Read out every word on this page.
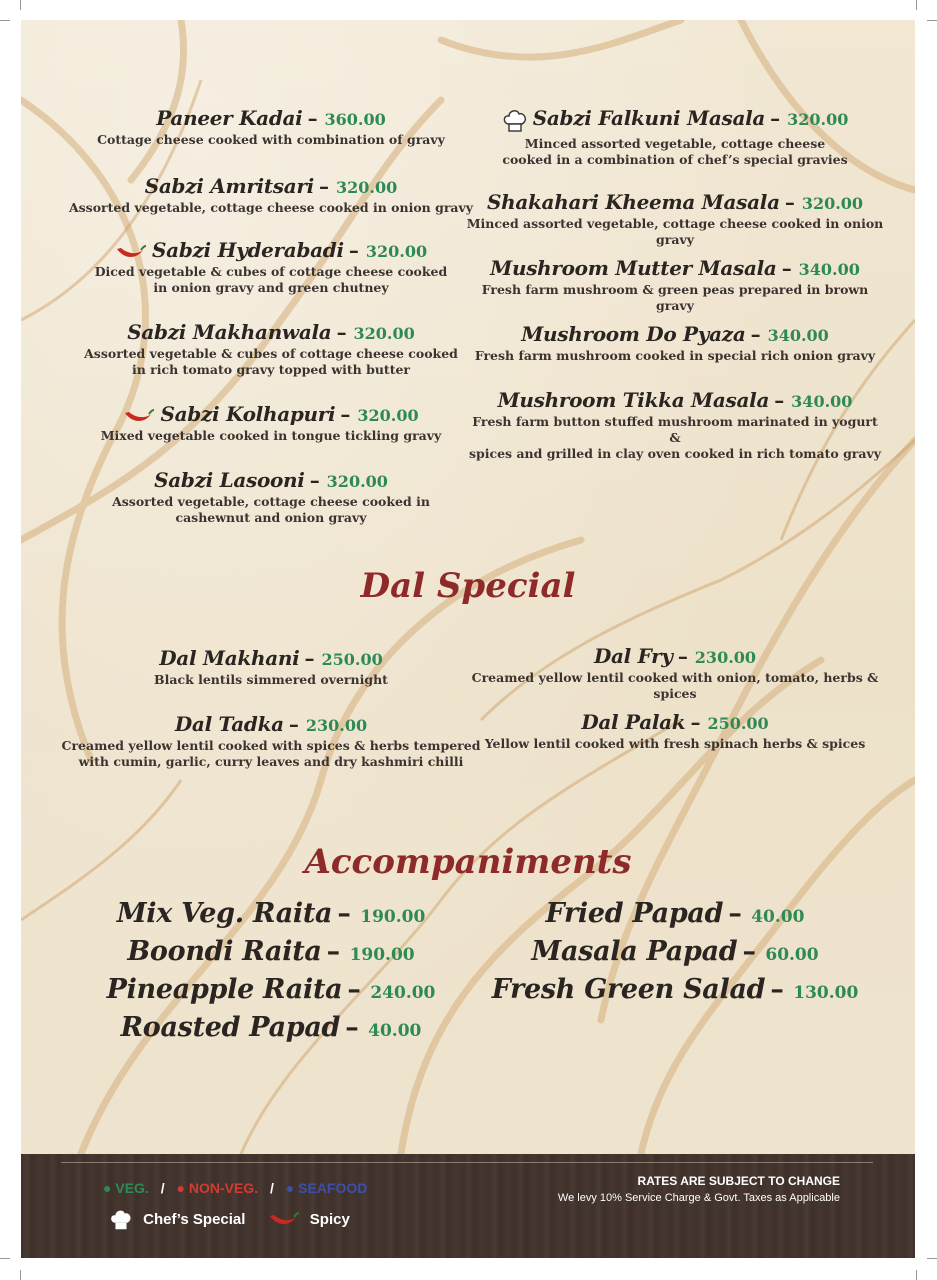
Paneer Kadai – 360.00
Cottage cheese cooked with combination of gravy
Sabzi Amritsari – 320.00
Assorted vegetable, cottage cheese cooked in onion gravy
Sabzi Hyderabadi – 320.00
Diced vegetable & cubes of cottage cheese cooked
in onion gravy and green chutney
Sabzi Makhanwala – 320.00
Assorted vegetable & cubes of cottage cheese cooked
in rich tomato gravy topped with butter
Sabzi Kolhapuri – 320.00
Mixed vegetable cooked in tongue tickling gravy
Sabzi Lasooni – 320.00
Assorted vegetable, cottage cheese cooked in
cashewnut and onion gravy
Sabzi Falkuni Masala – 320.00
Minced assorted vegetable, cottage cheese
cooked in a combination of chef’s special gravies
Shakahari Kheema Masala – 320.00
Minced assorted vegetable, cottage cheese cooked in onion gravy
Mushroom Mutter Masala – 340.00
Fresh farm mushroom & green peas prepared in brown gravy
Mushroom Do Pyaza – 340.00
Fresh farm mushroom cooked in special rich onion gravy
Mushroom Tikka Masala – 340.00
Fresh farm button stuffed mushroom marinated in yogurt &
spices and grilled in clay oven cooked in rich tomato gravy
Dal Special
Dal Makhani – 250.00
Black lentils simmered overnight
Dal Tadka – 230.00
Creamed yellow lentil cooked with spices & herbs tempered
with cumin, garlic, curry leaves and dry kashmiri chilli
Dal Fry – 230.00
Creamed yellow lentil cooked with onion, tomato, herbs & spices
Dal Palak – 250.00
Yellow lentil cooked with fresh spinach herbs & spices
Accompaniments
Mix Veg. Raita – 190.00
Boondi Raita – 190.00
Pineapple Raita – 240.00
Roasted Papad – 40.00
Fried Papad – 40.00
Masala Papad – 60.00
Fresh Green Salad – 130.00
● VEG. / ● NON-VEG. / ● SEAFOOD
Chef’s Special	Spicy
RATES ARE SUBJECT TO CHANGE
We levy 10% Service Charge & Govt. Taxes as Applicable
